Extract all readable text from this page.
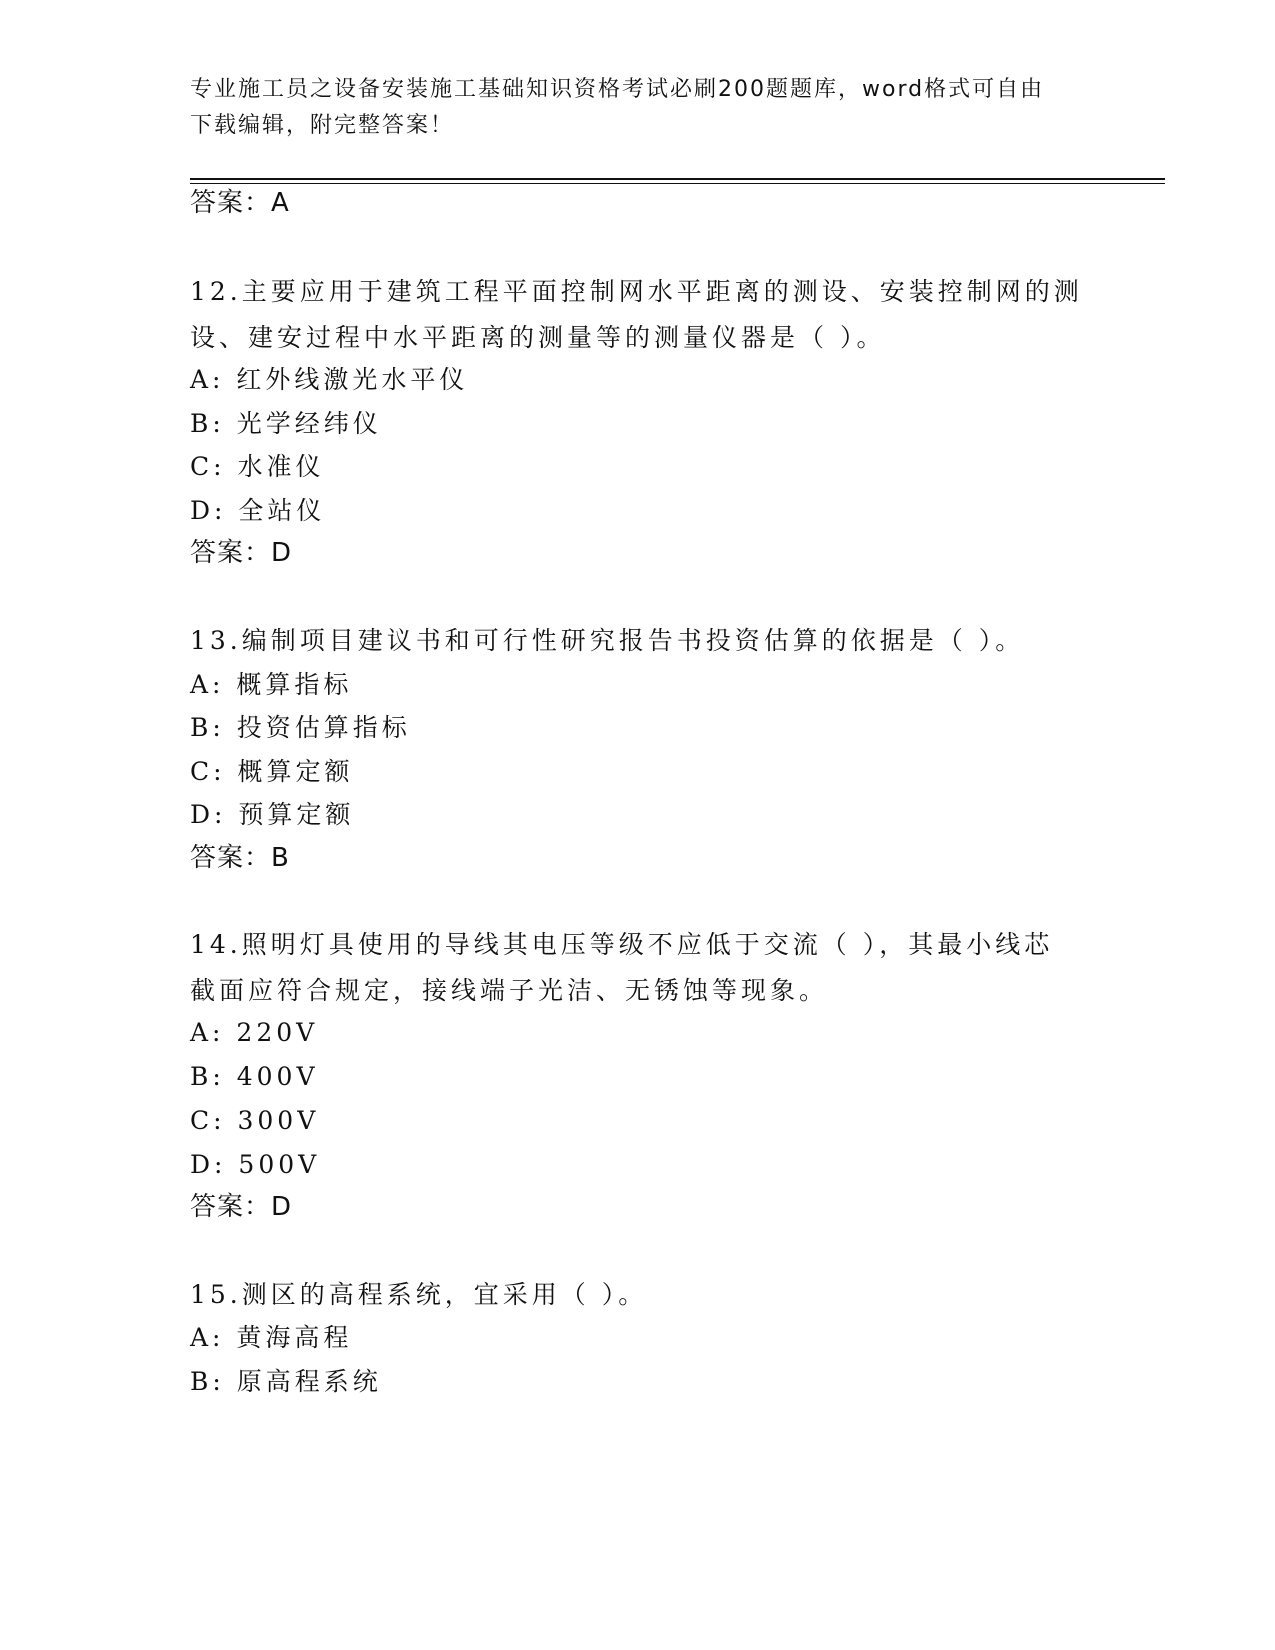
专业施工员之设备安装施工基础知识资格考试必刷200题题库，word格式可自由
下载编辑，附完整答案！
答案：A
12.主要应用于建筑工程平面控制网水平距离的测设、安装控制网的测
设、建安过程中水平距离的测量等的测量仪器是（ ）。
A: 红外线激光水平仪
B: 光学经纬仪
C: 水准仪
D: 全站仪
答案：D
13.编制项目建议书和可行性研究报告书投资估算的依据是（ ）。
A: 概算指标
B: 投资估算指标
C: 概算定额
D: 预算定额
答案：B
14.照明灯具使用的导线其电压等级不应低于交流（ ），其最小线芯
截面应符合规定，接线端子光洁、无锈蚀等现象。
A: 220V
B: 400V
C: 300V
D: 500V
答案：D
15.测区的高程系统，宜采用（ ）。
A: 黄海高程
B: 原高程系统
